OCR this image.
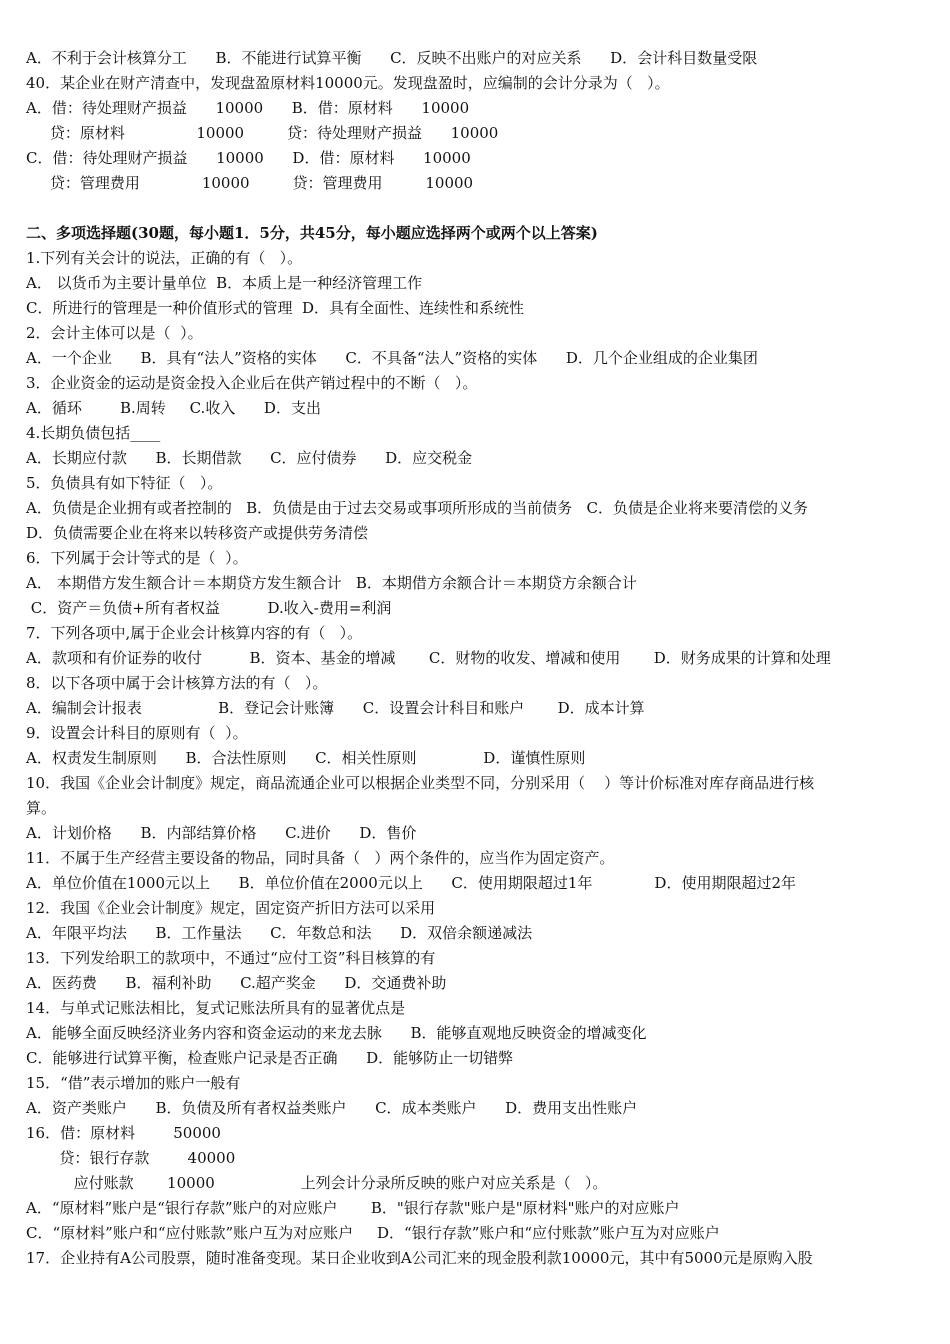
A．不利于会计核算分工      B．不能进行试算平衡      C．反映不出账户的对应关系      D．会计科目数量受限
40．某企业在财产清查中，发现盘盈原材料10000元。发现盘盈时，应编制的会计分录为（   ）。
A．借：待处理财产损益      10000      B．借：原材料      10000
贷：原材料               10000         贷：待处理财产损益      10000
C．借：待处理财产损益      10000      D．借：原材料      10000
贷：管理费用             10000         贷：管理费用         10000
二、多项选择题(30题，每小题1．5分，共45分，每小题应选择两个或两个以上答案)
1.下列有关会计的说法，正确的有（   ）。
A． 以货币为主要计量单位  B．本质上是一种经济管理工作
C．所进行的管理是一种价值形式的管理  D．具有全面性、连续性和系统性
2．会计主体可以是（  ）。
A．一个企业      B．具有“法人”资格的实体      C．不具备“法人”资格的实体      D．几个企业组成的企业集团
3．企业资金的运动是资金投入企业后在供产销过程中的不断（   ）。
A．循环        B.周转     C.收入      D．支出
4.长期负债包括____
A．长期应付款      B．长期借款      C．应付债券      D．应交税金
5．负债具有如下特征（   ）。
A．负债是企业拥有或者控制的   B．负债是由于过去交易或事项所形成的当前债务   C．负债是企业将来要清偿的义务
D．负债需要企业在将来以转移资产或提供劳务清偿
6．下列属于会计等式的是（  ）。
A． 本期借方发生额合计＝本期贷方发生额合计   B．本期借方余额合计＝本期贷方余额合计
C．资产＝负债+所有者权益          D.收入-费用=利润
7．下列各项中,属于企业会计核算内容的有（   ）。
A．款项和有价证券的收付          B．资本、基金的增减       C．财物的收发、增减和使用       D．财务成果的计算和处理
8．以下各项中属于会计核算方法的有（   ）。
A．编制会计报表                B．登记会计账簿      C．设置会计科目和账户       D．成本计算
9．设置会计科目的原则有（  ）。
A．权责发生制原则      B．合法性原则      C．相关性原则              D．谨慎性原则
10．我国《企业会计制度》规定，商品流通企业可以根据企业类型不同，分别采用（    ）等计价标准对库存商品进行核
算。
A．计划价格      B．内部结算价格      C.进价      D．售价
11．不属于生产经营主要设备的物品，同时具备（   ）两个条件的，应当作为固定资产。
A．单位价值在1000元以上      B．单位价值在2000元以上      C．使用期限超过1年             D．使用期限超过2年
12．我国《企业会计制度》规定，固定资产折旧方法可以采用
A．年限平均法      B．工作量法      C．年数总和法      D．双倍余额递减法
13．下列发给职工的款项中，不通过“应付工资”科目核算的有
A．医药费      B．福利补助      C.超产奖金      D．交通费补助
14．与单式记账法相比，复式记账法所具有的显著优点是
A．能够全面反映经济业务内容和资金运动的来龙去脉      B．能够直观地反映资金的增减变化
C．能够进行试算平衡，检查账户记录是否正确      D．能够防止一切错弊
15．“借”表示增加的账户一般有
A．资产类账户      B．负债及所有者权益类账户      C．成本类账户      D．费用支出性账户
16．借：原材料        50000
贷：银行存款        40000
应付账款       10000                  上列会计分录所反映的账户对应关系是（   ）。
A．“原材料”账户是“银行存款”账户的对应账户       B．"银行存款"账户是"原材料"账户的对应账户
C．“原材料”账户和“应付账款”账户互为对应账户     D．“银行存款”账户和“应付账款”账户互为对应账户
17．企业持有A公司股票，随时准备变现。某日企业收到A公司汇来的现金股利款10000元，其中有5000元是原购入股
